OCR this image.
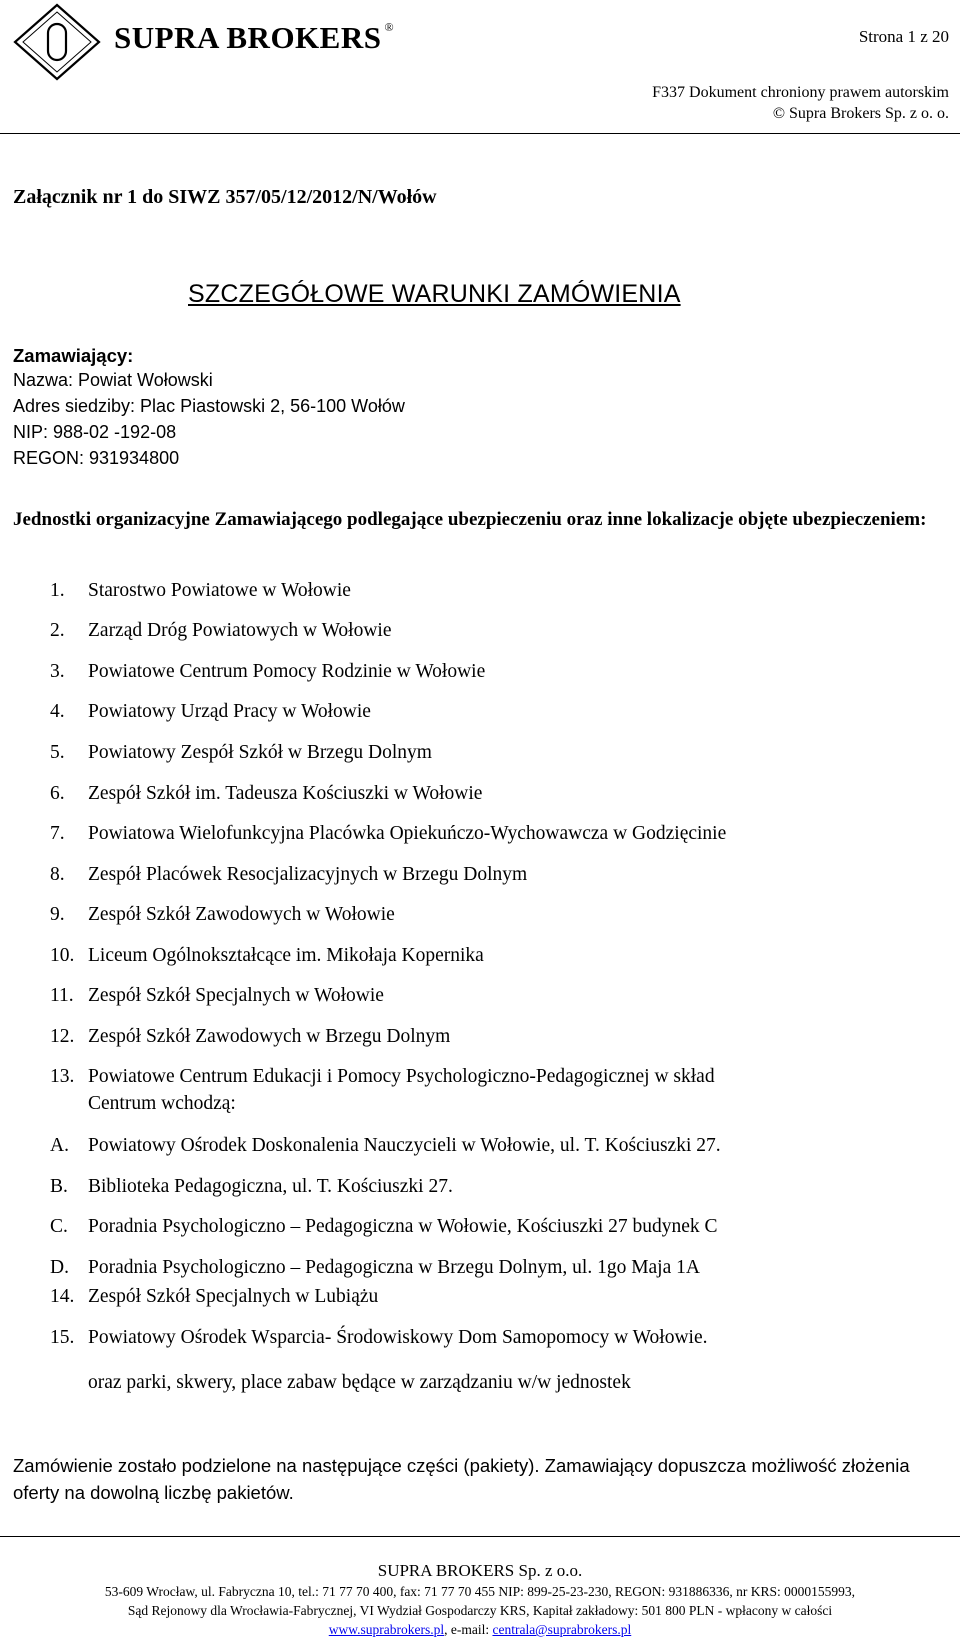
SUPRA BROKERS ®	Strona 1 z 20
F337 Dokument chroniony prawem autorskim
© Supra Brokers Sp. z o. o.
Załącznik nr 1 do SIWZ 357/05/12/2012/N/Wołów
SZCZEGÓŁOWE WARUNKI ZAMÓWIENIA
Zamawiający:
Nazwa: Powiat Wołowski
Adres siedziby: Plac Piastowski 2, 56-100 Wołów
NIP: 988-02 -192-08
REGON: 931934800
Jednostki organizacyjne Zamawiającego podlegające ubezpieczeniu oraz inne lokalizacje objęte ubezpieczeniem:
1. Starostwo Powiatowe w Wołowie
2. Zarząd Dróg Powiatowych w Wołowie
3. Powiatowe Centrum Pomocy Rodzinie w Wołowie
4. Powiatowy Urząd Pracy w Wołowie
5. Powiatowy Zespół Szkół w Brzegu Dolnym
6. Zespół Szkół im. Tadeusza Kościuszki w Wołowie
7. Powiatowa Wielofunkcyjna Placówka Opiekuńczo-Wychowawcza w Godzięcinie
8. Zespół Placówek Resocjalizacyjnych w Brzegu Dolnym
9. Zespół Szkół Zawodowych w Wołowie
10. Liceum Ogólnokształcące im. Mikołaja Kopernika
11. Zespół Szkół Specjalnych w Wołowie
12. Zespół Szkół Zawodowych w Brzegu Dolnym
13. Powiatowe Centrum Edukacji i Pomocy Psychologiczno-Pedagogicznej w skład
Centrum wchodzą:
A. Powiatowy Ośrodek Doskonalenia Nauczycieli w Wołowie, ul. T. Kościuszki 27.
B. Biblioteka Pedagogiczna, ul. T. Kościuszki 27.
C. Poradnia Psychologiczno – Pedagogiczna w Wołowie, Kościuszki 27 budynek C
D. Poradnia Psychologiczno – Pedagogiczna w Brzegu Dolnym, ul. 1go Maja 1A
14. Zespół Szkół Specjalnych w Lubiążu
15. Powiatowy Ośrodek Wsparcia- Środowiskowy Dom Samopomocy w Wołowie.
oraz parki, skwery, place zabaw będące w zarządzaniu w/w jednostek
Zamówienie zostało podzielone na następujące części (pakiety). Zamawiający dopuszcza możliwość złożenia oferty na dowolną liczbę pakietów.
SUPRA BROKERS Sp. z o.o.
53-609 Wrocław, ul. Fabryczna 10, tel.: 71 77 70 400, fax: 71 77 70 455 NIP: 899-25-23-230, REGON: 931886336, nr KRS: 0000155993,
Sąd Rejonowy dla Wrocławia-Fabrycznej, VI Wydział Gospodarczy KRS, Kapitał zakładowy: 501 800 PLN - wpłacony w całości
www.suprabrokers.pl, e-mail: centrala@suprabrokers.pl
